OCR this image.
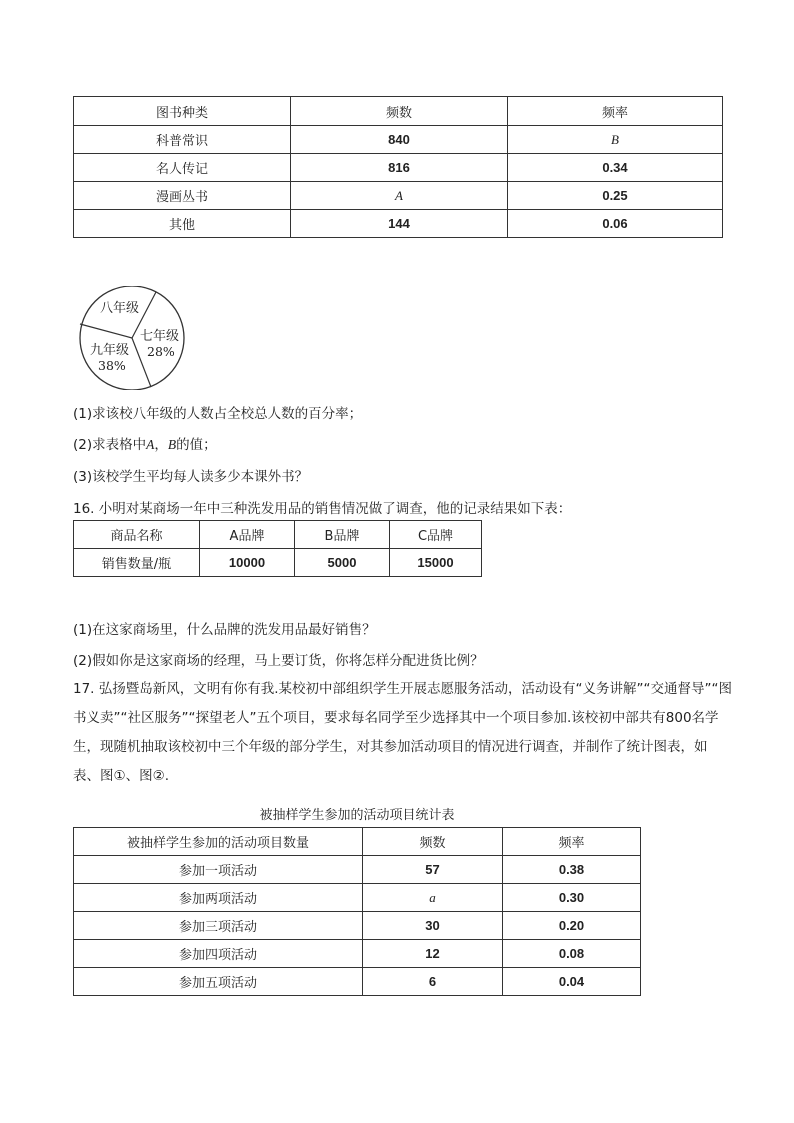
图书种类	频数	频率
科普常识	840	B
名人传记	816	0.34
漫画丛书	A	0.25
其他	144	0.06
八年级
七年级
28%
九年级
38%
(1)求该校八年级的人数占全校总人数的百分率；
(2)求表格中A，B的值；
(3)该校学生平均每人读多少本课外书？
16. 小明对某商场一年中三种洗发用品的销售情况做了调查，他的记录结果如下表：
商品名称	A品牌	B品牌	C品牌
销售数量/瓶	10000	5000	15000
(1)在这家商场里，什么品牌的洗发用品最好销售？
(2)假如你是这家商场的经理，马上要订货，你将怎样分配进货比例？
17. 弘扬暨岛新风，文明有你有我.某校初中部组织学生开展志愿服务活动，活动设有“义务讲解”“交通督导”“图书义卖”“社区服务”“探望老人”五个项目，要求每名同学至少选择其中一个项目参加.该校初中部共有800名学生，现随机抽取该校初中三个年级的部分学生，对其参加活动项目的情况进行调查，并制作了统计图表，如表、图①、图②.
被抽样学生参加的活动项目统计表
被抽样学生参加的活动项目数量	频数	频率
参加一项活动	57	0.38
参加两项活动	a	0.30
参加三项活动	30	0.20
参加四项活动	12	0.08
参加五项活动	6	0.04
